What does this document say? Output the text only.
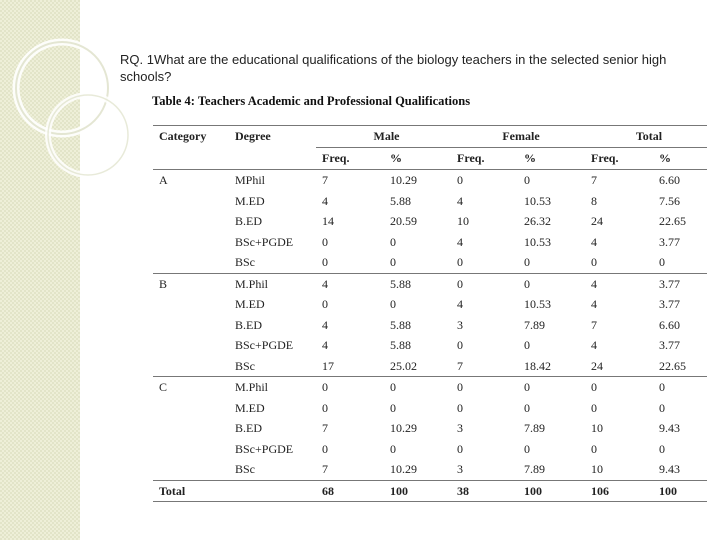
RQ. 1What are the educational qualifications of the biology teachers in the selected senior high schools?
Table 4: Teachers Academic and Professional Qualifications
Category	Degree	Male		Female		Total	
		Freq.	%	Freq.	%	Freq.	%
A	MPhil	7	10.29	0	0	7	6.60
	M.ED	4	5.88	4	10.53	8	7.56
	B.ED	14	20.59	10	26.32	24	22.65
	BSc+PGDE	0	0	4	10.53	4	3.77
	BSc	0	0	0	0	0	0
B	M.Phil	4	5.88	0	0	4	3.77
	M.ED	0	0	4	10.53	4	3.77
	B.ED	4	5.88	3	7.89	7	6.60
	BSc+PGDE	4	5.88	0	0	4	3.77
	BSc	17	25.02	7	18.42	24	22.65
C	M.Phil	0	0	0	0	0	0
	M.ED	0	0	0	0	0	0
	B.ED	7	10.29	3	7.89	10	9.43
	BSc+PGDE	0	0	0	0	0	0
	BSc	7	10.29	3	7.89	10	9.43
Total		68	100	38	100	106	100
